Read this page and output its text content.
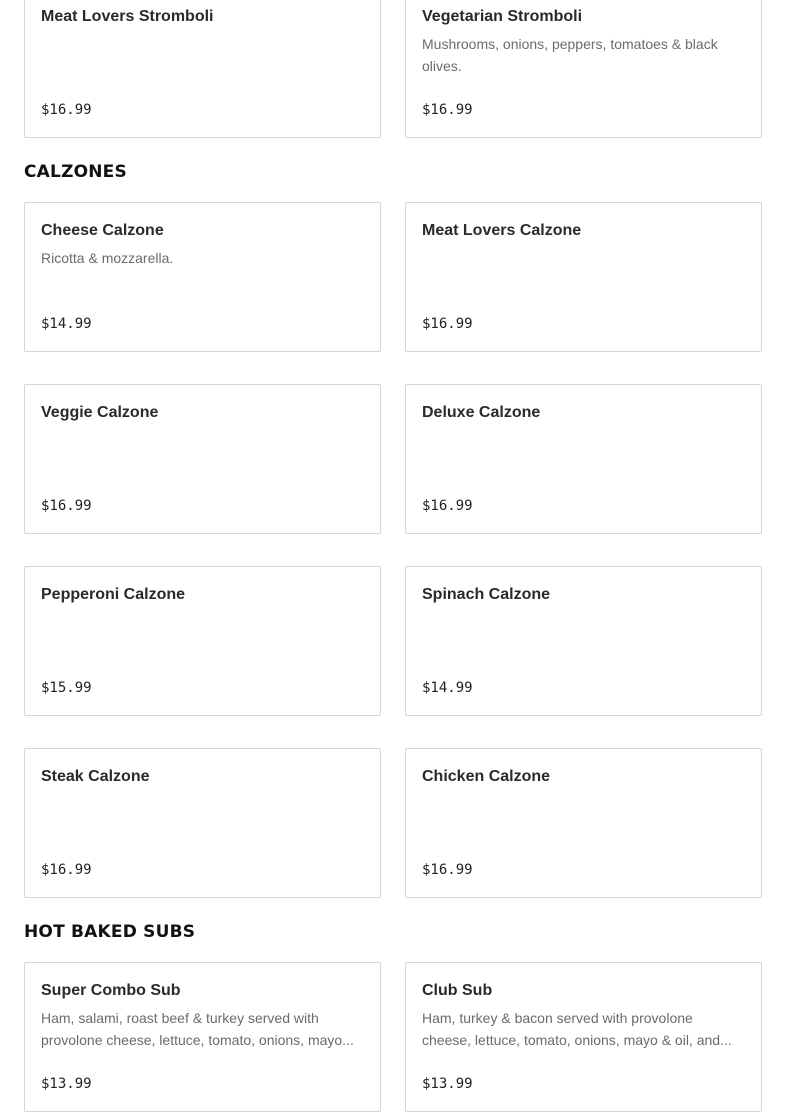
Meat Lovers Stromboli
$16.99
Vegetarian Stromboli
Mushrooms, onions, peppers, tomatoes & black olives.
$16.99
CALZONES
Cheese Calzone
Ricotta & mozzarella.
$14.99
Meat Lovers Calzone
$16.99
Veggie Calzone
$16.99
Deluxe Calzone
$16.99
Pepperoni Calzone
$15.99
Spinach Calzone
$14.99
Steak Calzone
$16.99
Chicken Calzone
$16.99
HOT BAKED SUBS
Super Combo Sub
Ham, salami, roast beef & turkey served with provolone cheese, lettuce, tomato, onions, mayo...
$13.99
Club Sub
Ham, turkey & bacon served with provolone cheese, lettuce, tomato, onions, mayo & oil, and...
$13.99
